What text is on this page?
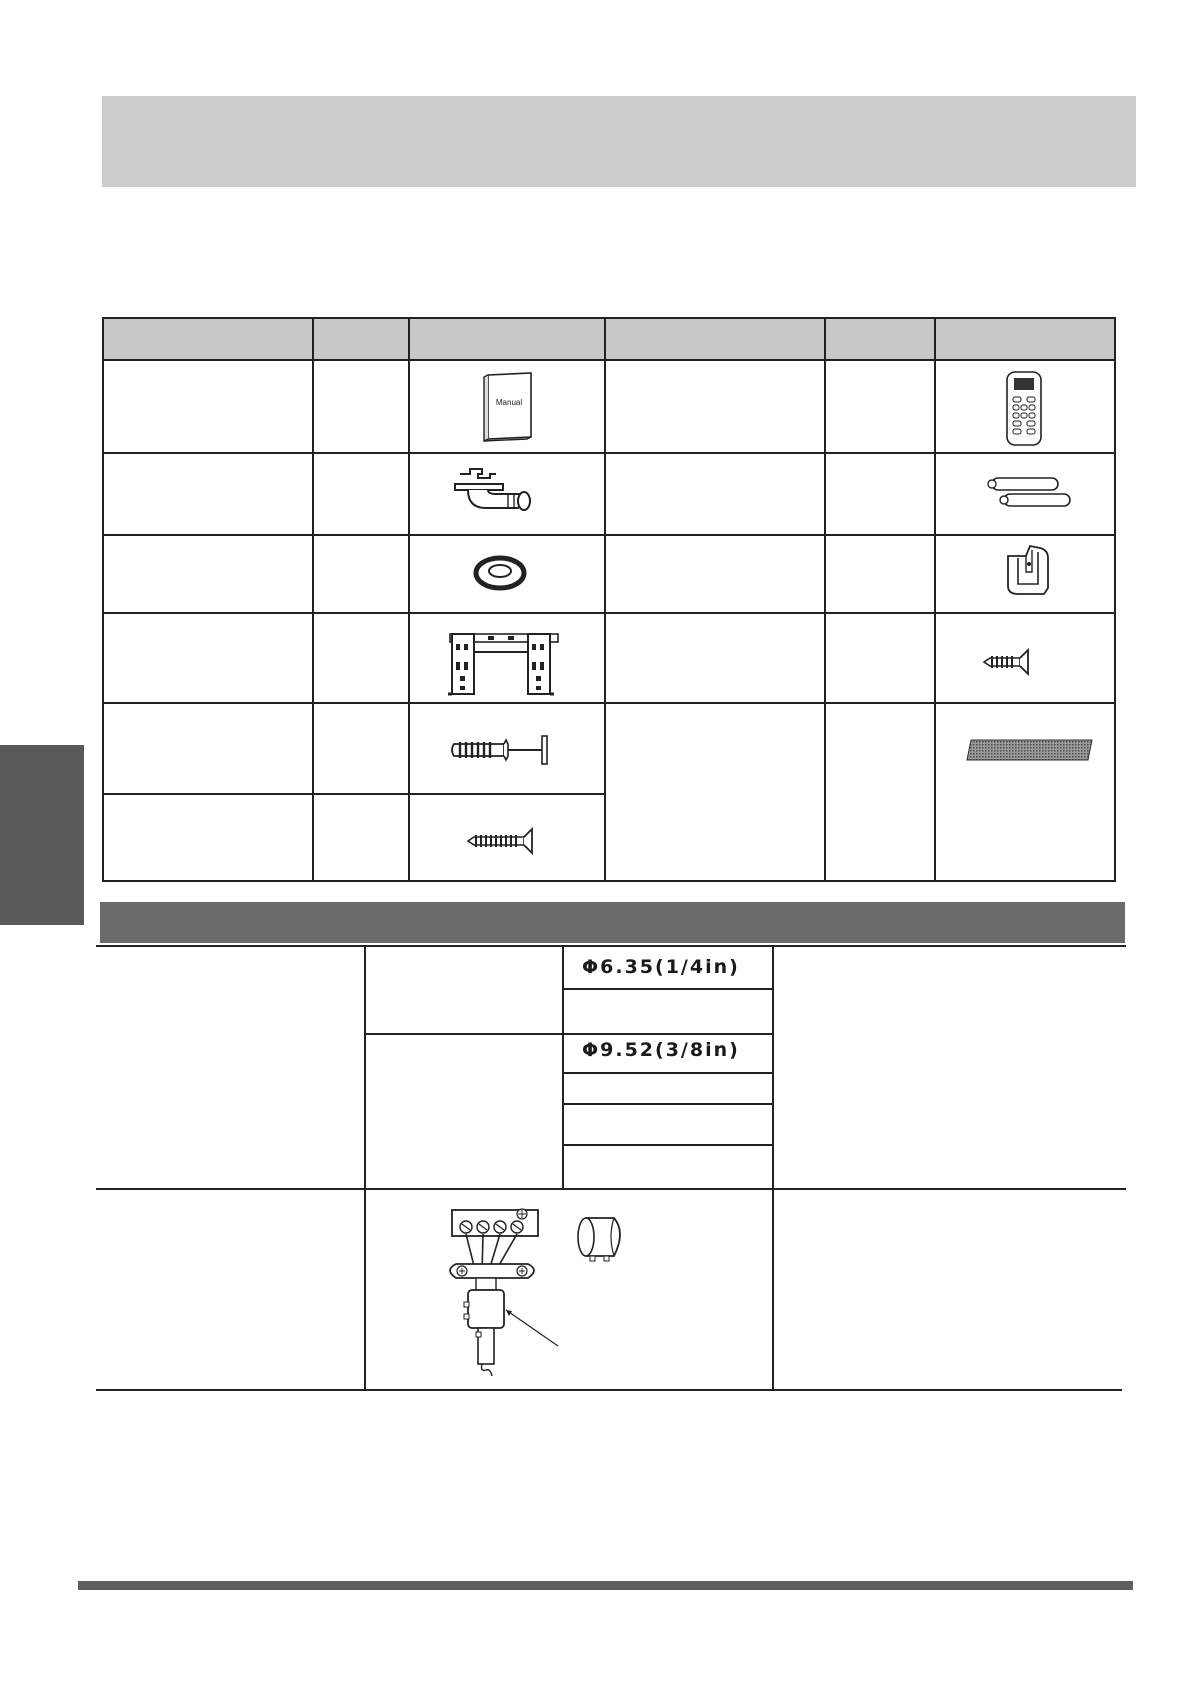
Manual
Φ6.35(1/4in)
Φ9.52(3/8in)
